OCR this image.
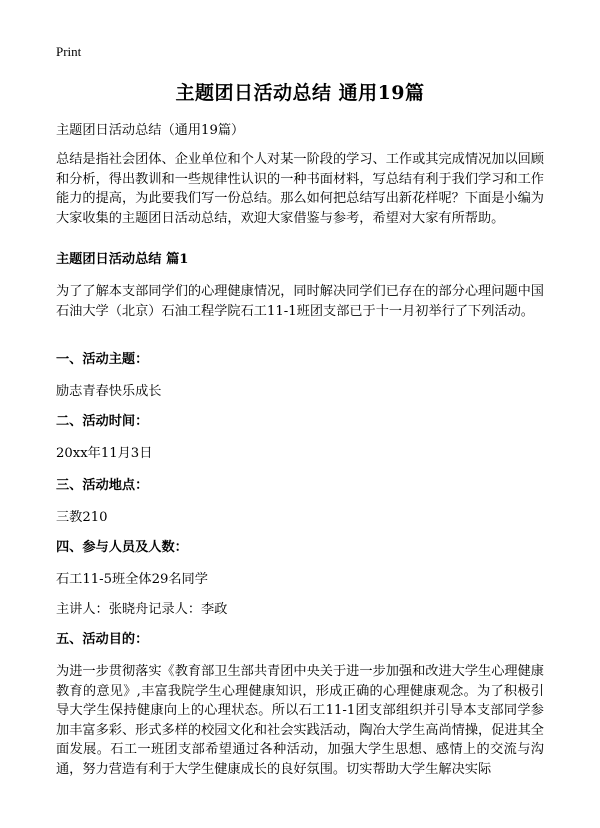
Print
主题团日活动总结 通用19篇
主题团日活动总结（通用19篇）
总结是指社会团体、企业单位和个人对某一阶段的学习、工作或其完成情况加以回顾和分析，得出教训和一些规律性认识的一种书面材料，写总结有利于我们学习和工作能力的提高，为此要我们写一份总结。那么如何把总结写出新花样呢？下面是小编为大家收集的主题团日活动总结，欢迎大家借鉴与参考，希望对大家有所帮助。
主题团日活动总结 篇1
为了了解本支部同学们的心理健康情况，同时解决同学们已存在的部分心理问题中国石油大学（北京）石油工程学院石工11-1班团支部已于十一月初举行了下列活动。
一、活动主题：
励志青春快乐成长
二、活动时间：
20xx年11月3日
三、活动地点：
三教210
四、参与人员及人数：
石工11-5班全体29名同学
主讲人：张晓舟记录人：李政
五、活动目的：
为进一步贯彻落实《教育部卫生部共青团中央关于进一步加强和改进大学生心理健康教育的意见》,丰富我院学生心理健康知识，形成正确的心理健康观念。为了积极引导大学生保持健康向上的心理状态。所以石工11-1团支部组织并引导本支部同学参加丰富多彩、形式多样的校园文化和社会实践活动，陶冶大学生高尚情操，促进其全面发展。石工一班团支部希望通过各种活动，加强大学生思想、感情上的交流与沟通，努力营造有利于大学生健康成长的良好氛围。切实帮助大学生解决实际
